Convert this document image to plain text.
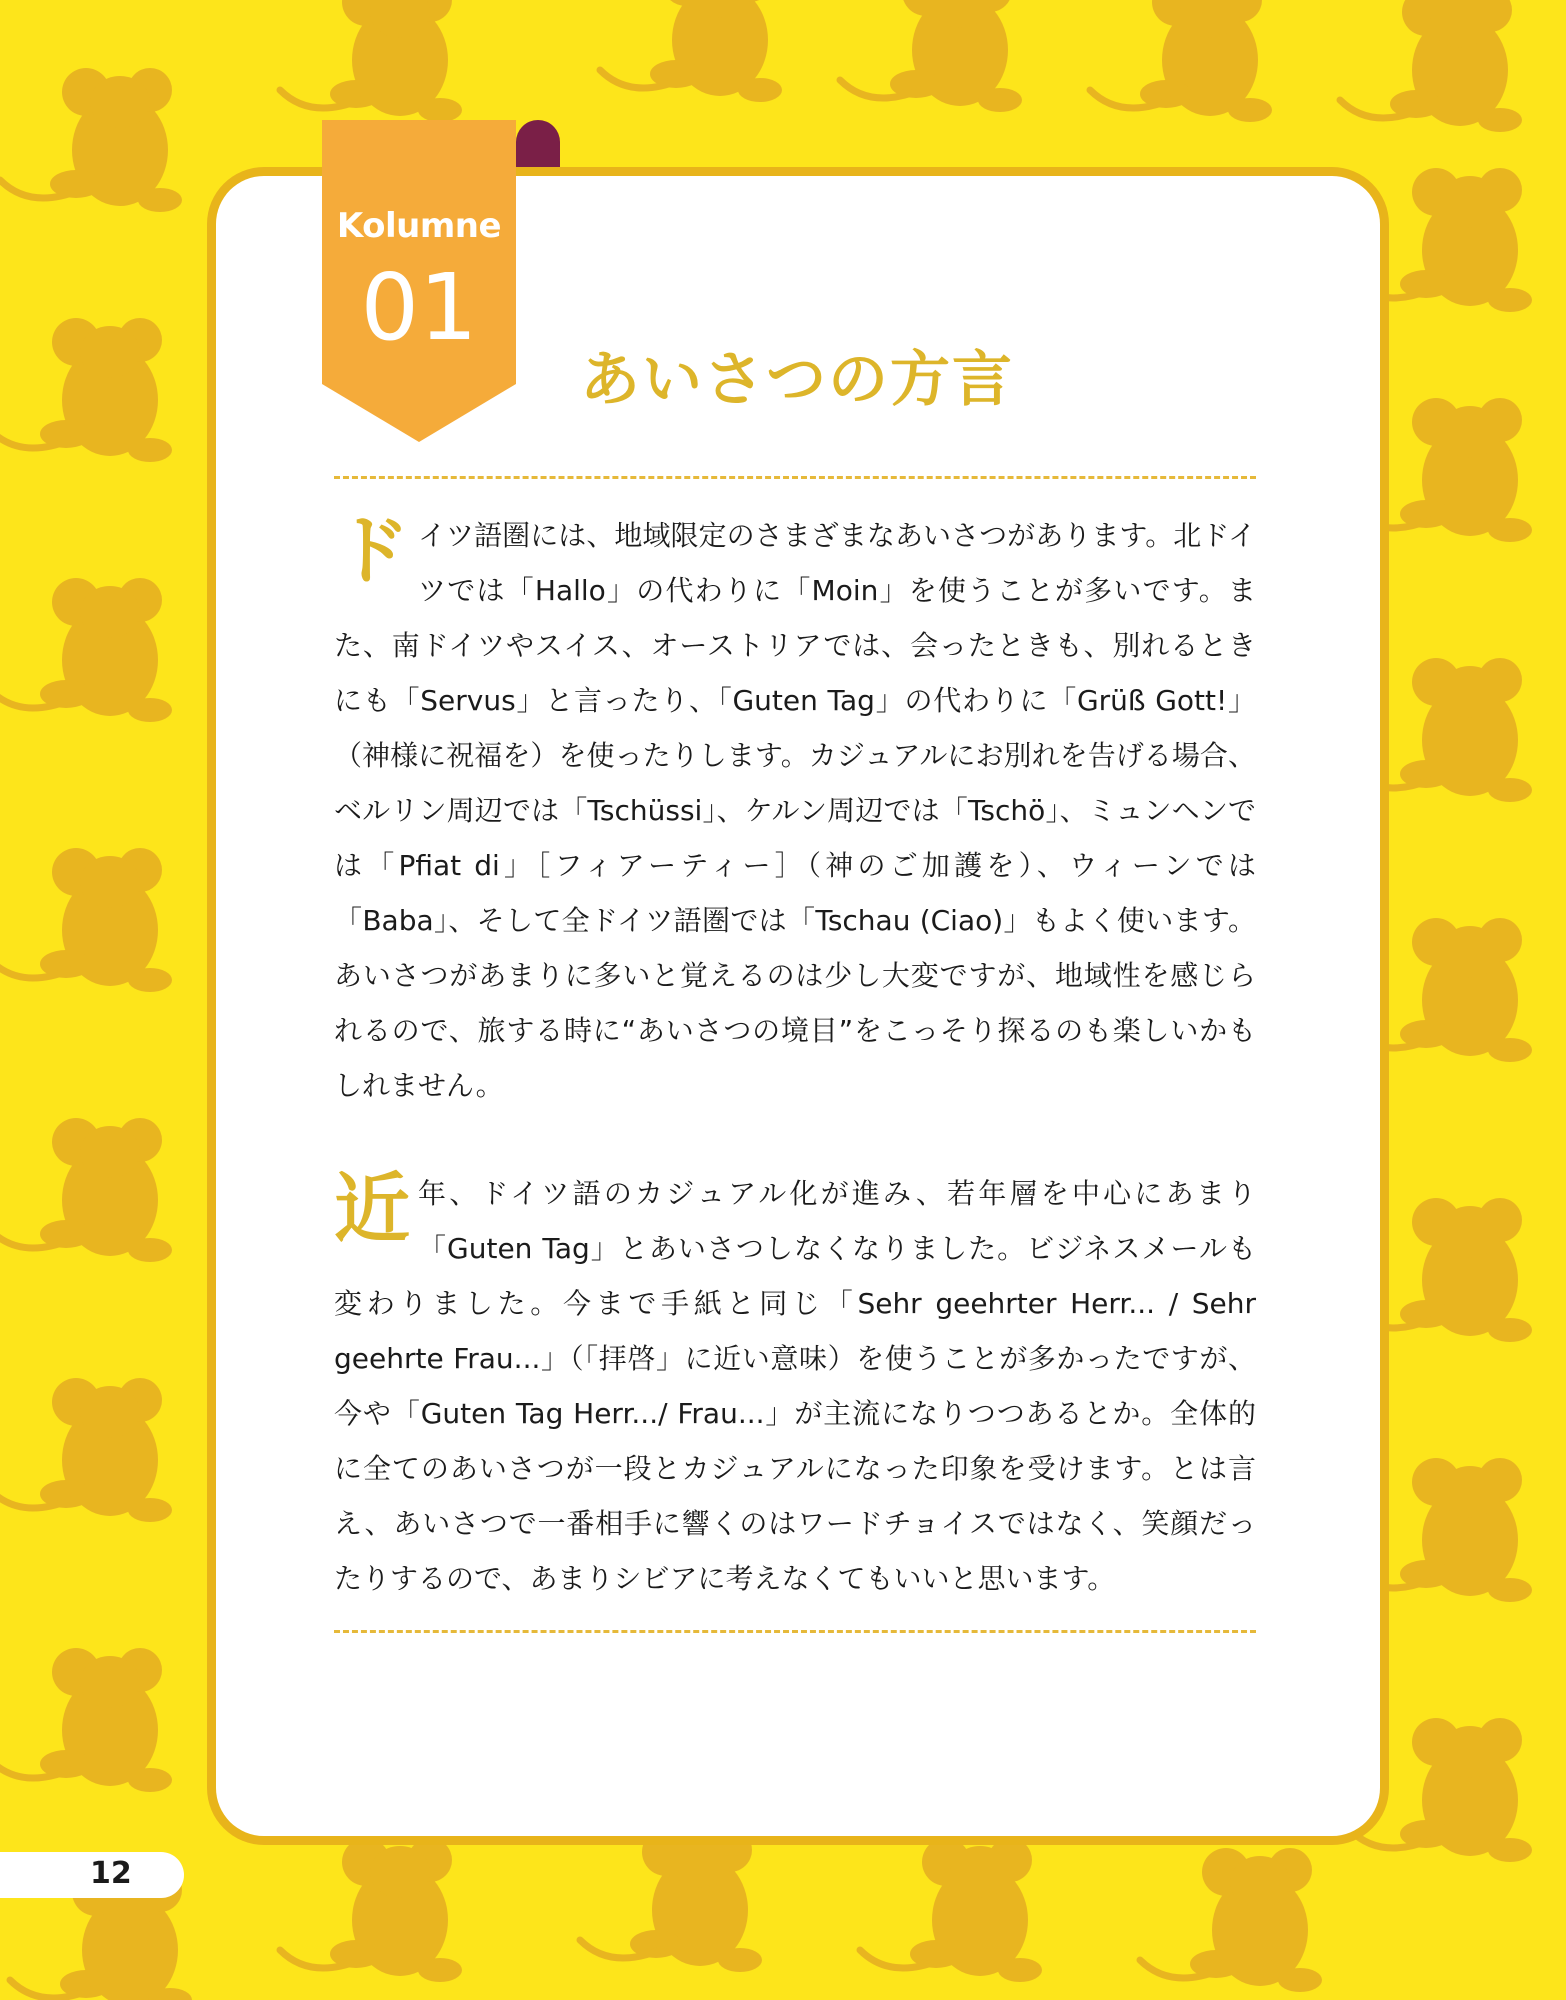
Kolumne
01
あいさつの方言
ドイツ語圏には、地域限定のさまざまなあいさつがあります。北ドイツでは「Hallo」の代わりに「Moin」を使うことが多いです。また、南ドイツやスイス、オーストリアでは、会ったときも、別れるときにも「Servus」と言ったり、「Guten Tag」の代わりに「Grüß Gott!」（神様に祝福を）を使ったりします。カジュアルにお別れを告げる場合、ベルリン周辺では「Tschüssi」、ケルン周辺では「Tschö」、ミュンヘンでは「Pfiat di」［フィアーティー］（神のご加護を）、ウィーンでは「Baba」、そして全ドイツ語圏では「Tschau (Ciao)」もよく使います。あいさつがあまりに多いと覚えるのは少し大変ですが、地域性を感じられるので、旅する時に“あいさつの境目”をこっそり探るのも楽しいかもしれません。
近年、ドイツ語のカジュアル化が進み、若年層を中心にあまり「Guten Tag」とあいさつしなくなりました。ビジネスメールも変わりました。今まで手紙と同じ「Sehr geehrter Herr... / Sehr geehrte Frau...」（「拝啓」に近い意味）を使うことが多かったですが、今や「Guten Tag Herr.../ Frau...」が主流になりつつあるとか。全体的に全てのあいさつが一段とカジュアルになった印象を受けます。とは言え、あいさつで一番相手に響くのはワードチョイスではなく、笑顔だったりするので、あまりシビアに考えなくてもいいと思います。
12
